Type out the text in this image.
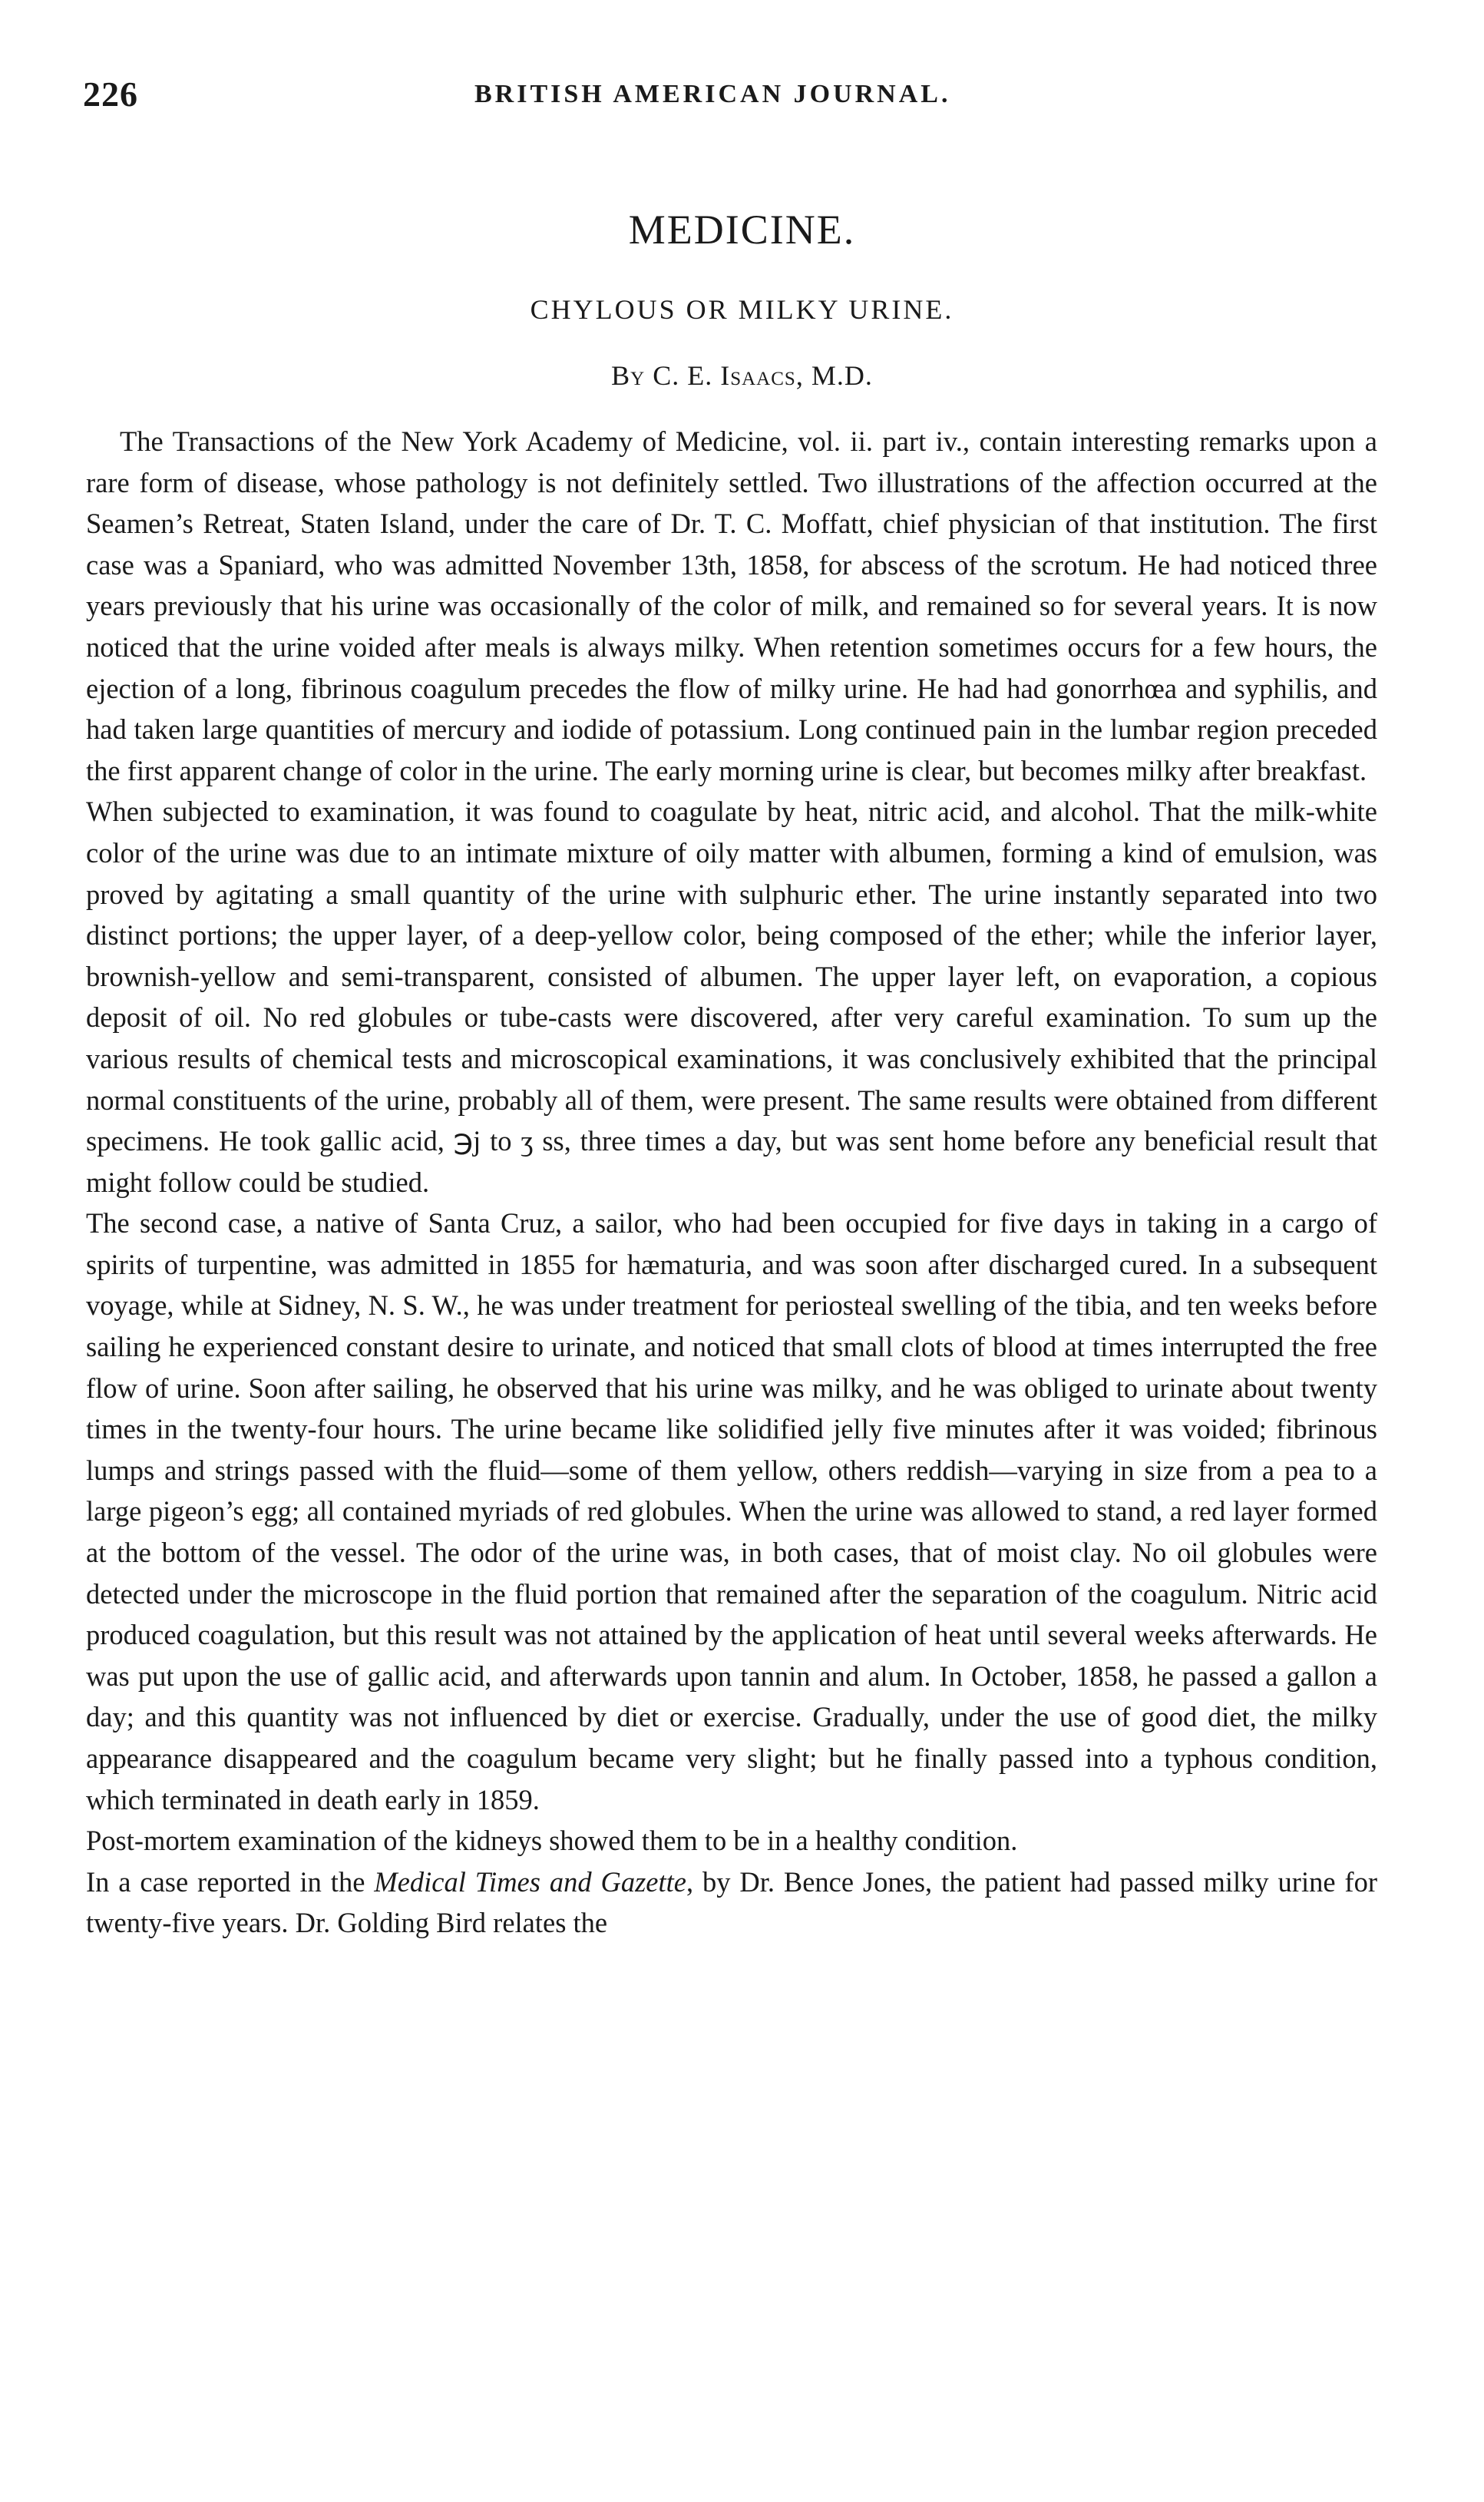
226	BRITISH AMERICAN JOURNAL.
MEDICINE.
CHYLOUS OR MILKY URINE.
By C. E. Isaacs, M.D.

The Transactions of the New York Academy of Medicine, vol. ii. part iv., contain interesting remarks upon a rare form of disease, whose pathology is not definitely settled. Two illustrations of the affection occurred at the Seamen’s Retreat, Staten Island, under the care of Dr. T. C. Moffatt, chief physician of that institution. The first case was a Spaniard, who was admitted November 13th, 1858, for abscess of the scrotum. He had noticed three years previously that his urine was occasionally of the color of milk, and remained so for several years. It is now noticed that the urine voided after meals is always milky. When retention sometimes occurs for a few hours, the ejection of a long, fibrinous coagulum precedes the flow of milky urine. He had had gonorrhœa and syphilis, and had taken large quantities of mercury and iodide of potassium. Long continued pain in the lumbar region preceded the first apparent change of color in the urine. The early morning urine is clear, but becomes milky after breakfast.

When subjected to examination, it was found to coagulate by heat, nitric acid, and alcohol. That the milk-white color of the urine was due to an intimate mixture of oily matter with albumen, forming a kind of emulsion, was proved by agitating a small quantity of the urine with sulphuric ether. The urine instantly separated into two distinct portions; the upper layer, of a deep-yellow color, being composed of the ether; while the inferior layer, brownish-yellow and semi-transparent, consisted of albumen. The upper layer left, on evaporation, a copious deposit of oil. No red globules or tube-casts were discovered, after very careful examination. To sum up the various results of chemical tests and microscopical examinations, it was conclusively exhibited that the principal normal constituents of the urine, probably all of them, were present. The same results were obtained from different specimens. He took gallic acid, ℈j to ʒ ss, three times a day, but was sent home before any beneficial result that might follow could be studied.

The second case, a native of Santa Cruz, a sailor, who had been occupied for five days in taking in a cargo of spirits of turpentine, was admitted in 1855 for hæmaturia, and was soon after discharged cured. In a subsequent voyage, while at Sidney, N. S. W., he was under treatment for periosteal swelling of the tibia, and ten weeks before sailing he experienced constant desire to urinate, and noticed that small clots of blood at times interrupted the free flow of urine. Soon after sailing, he observed that his urine was milky, and he was obliged to urinate about twenty times in the twenty-four hours. The urine became like solidified jelly five minutes after it was voided; fibrinous lumps and strings passed with the fluid—some of them yellow, others reddish—varying in size from a pea to a large pigeon’s egg; all contained myriads of red globules. When the urine was allowed to stand, a red layer formed at the bottom of the vessel. The odor of the urine was, in both cases, that of moist clay. No oil globules were detected under the microscope in the fluid portion that remained after the separation of the coagulum. Nitric acid produced coagulation, but this result was not attained by the application of heat until several weeks afterwards. He was put upon the use of gallic acid, and afterwards upon tannin and alum. In October, 1858, he passed a gallon a day; and this quantity was not influenced by diet or exercise. Gradually, under the use of good diet, the milky appearance disappeared and the coagulum became very slight; but he finally passed into a typhous condition, which terminated in death early in 1859.

Post-mortem examination of the kidneys showed them to be in a healthy condition.

In a case reported in the Medical Times and Gazette, by Dr. Bence Jones, the patient had passed milky urine for twenty-five years. Dr. Golding Bird relates the
